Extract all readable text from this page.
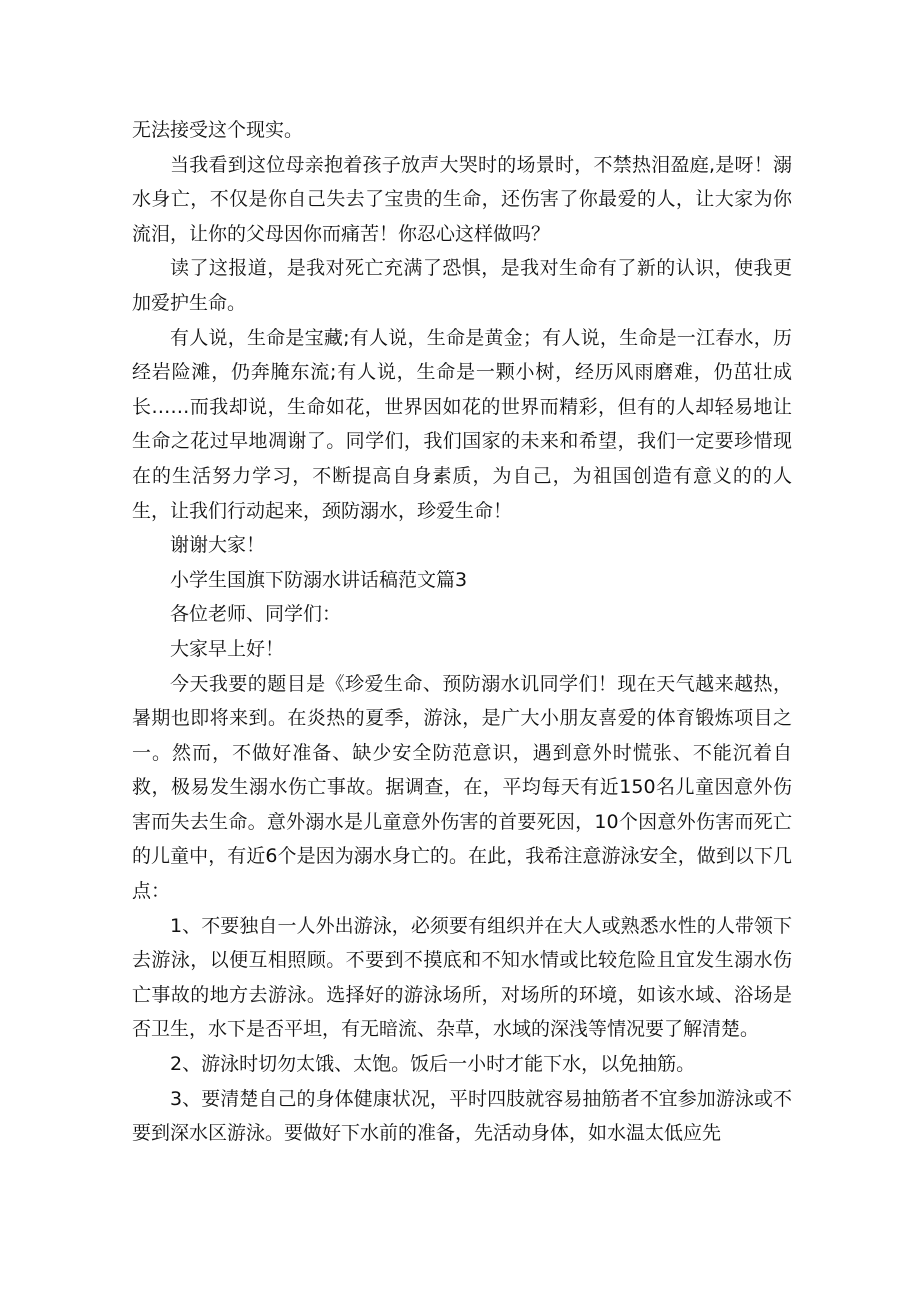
无法接受这个现实。

当我看到这位母亲抱着孩子放声大哭时的场景时，不禁热泪盈庭,是呀！溺水身亡，不仅是你自己失去了宝贵的生命，还伤害了你最爱的人，让大家为你流泪，让你的父母因你而痛苦！你忍心这样做吗？

读了这报道，是我对死亡充满了恐惧，是我对生命有了新的认识，使我更加爱护生命。

有人说，生命是宝藏;有人说，生命是黄金；有人说，生命是一江春水，历经岩险滩，仍奔腌东流;有人说，生命是一颗小树，经历风雨磨难，仍茁壮成长……而我却说，生命如花，世界因如花的世界而精彩，但有的人却轻易地让生命之花过早地凋谢了。同学们，我们国家的未来和希望，我们一定要珍惜现在的生活努力学习，不断提高自身素质，为自己，为祖国创造有意义的的人生，让我们行动起来，颈防溺水，珍爱生命！

谢谢大家！

小学生国旗下防溺水讲话稿范文篇3

各位老师、同学们：

大家早上好！

今天我要的题目是《珍爱生命、预防溺水讥同学们！现在天气越来越热，暑期也即将来到。在炎热的夏季，游泳，是广大小朋友喜爱的体育锻炼项目之一。然而，不做好准备、缺少安全防范意识，遇到意外时慌张、不能沉着自救，极易发生溺水伤亡事故。据调查，在，平均每天有近150名儿童因意外伤害而失去生命。意外溺水是儿童意外伤害的首要死因，10个因意外伤害而死亡的儿童中，有近6个是因为溺水身亡的。在此，我希注意游泳安全，做到以下几点：

1、不要独自一人外出游泳，必须要有组织并在大人或熟悉水性的人带领下去游泳，以便互相照顾。不要到不摸底和不知水情或比较危险且宜发生溺水伤亡事故的地方去游泳。选择好的游泳场所，对场所的环境，如该水域、浴场是否卫生，水下是否平坦，有无暗流、杂草，水域的深浅等情况要了解清楚。

2、游泳时切勿太饿、太饱。饭后一小时才能下水，以免抽筋。

3、要清楚自己的身体健康状况，平时四肢就容易抽筋者不宜参加游泳或不要到深水区游泳。要做好下水前的准备，先活动身体，如水温太低应先
